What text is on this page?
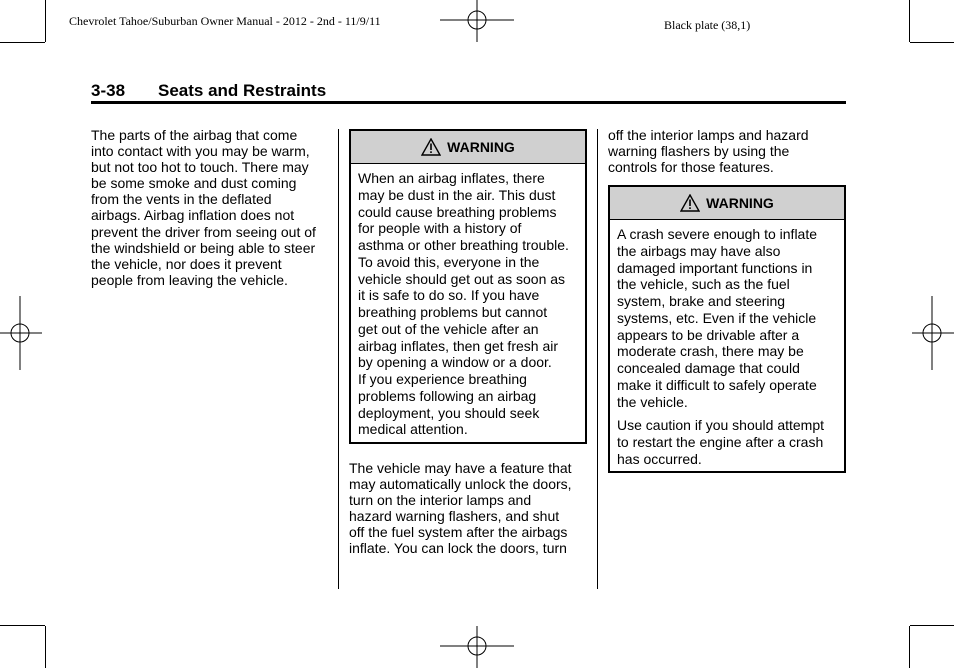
Chevrolet Tahoe/Suburban Owner Manual - 2012 - 2nd - 11/9/11	Black plate (38,1)
3-38 Seats and Restraints

The parts of the airbag that come
into contact with you may be warm,
but not too hot to touch. There may
be some smoke and dust coming
from the vents in the deflated
airbags. Airbag inflation does not
prevent the driver from seeing out of
the windshield or being able to steer
the vehicle, nor does it prevent
people from leaving the vehicle.

WARNING

When an airbag inflates, there
may be dust in the air. This dust
could cause breathing problems
for people with a history of
asthma or other breathing trouble.
To avoid this, everyone in the
vehicle should get out as soon as
it is safe to do so. If you have
breathing problems but cannot
get out of the vehicle after an
airbag inflates, then get fresh air
by opening a window or a door.
If you experience breathing
problems following an airbag
deployment, you should seek
medical attention.

The vehicle may have a feature that
may automatically unlock the doors,
turn on the interior lamps and
hazard warning flashers, and shut
off the fuel system after the airbags
inflate. You can lock the doors, turn

off the interior lamps and hazard
warning flashers by using the
controls for those features.

WARNING

A crash severe enough to inflate
the airbags may have also
damaged important functions in
the vehicle, such as the fuel
system, brake and steering
systems, etc. Even if the vehicle
appears to be drivable after a
moderate crash, there may be
concealed damage that could
make it difficult to safely operate
the vehicle.

Use caution if you should attempt
to restart the engine after a crash
has occurred.
